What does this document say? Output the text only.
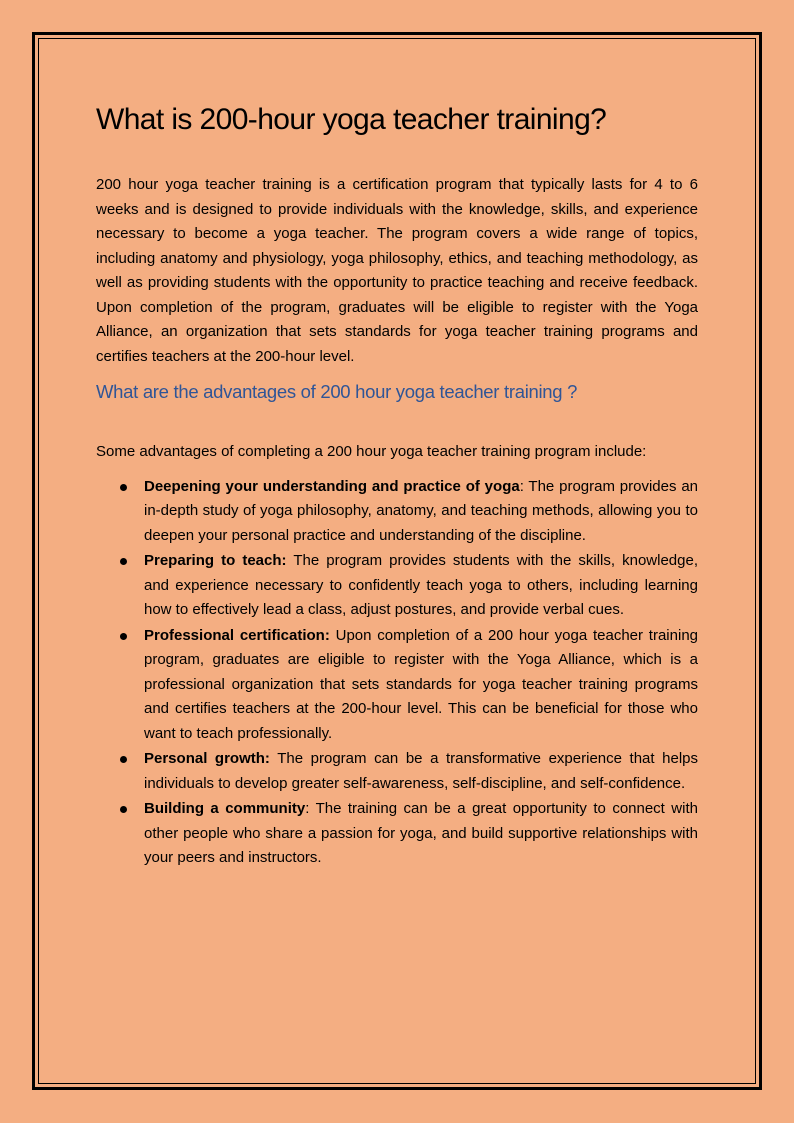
What is 200-hour yoga teacher training?

200 hour yoga teacher training is a certification program that typically lasts for 4 to 6 weeks and is designed to provide individuals with the knowledge, skills, and experience necessary to become a yoga teacher. The program covers a wide range of topics, including anatomy and physiology, yoga philosophy, ethics, and teaching methodology, as well as providing students with the opportunity to practice teaching and receive feedback. Upon completion of the program, graduates will be eligible to register with the Yoga Alliance, an organization that sets standards for yoga teacher training programs and certifies teachers at the 200-hour level.

What are the advantages of 200 hour yoga teacher training ?

Some advantages of completing a 200 hour yoga teacher training program include:

Deepening your understanding and practice of yoga: The program provides an in-depth study of yoga philosophy, anatomy, and teaching methods, allowing you to deepen your personal practice and understanding of the discipline.

Preparing to teach: The program provides students with the skills, knowledge, and experience necessary to confidently teach yoga to others, including learning how to effectively lead a class, adjust postures, and provide verbal cues.

Professional certification: Upon completion of a 200 hour yoga teacher training program, graduates are eligible to register with the Yoga Alliance, which is a professional organization that sets standards for yoga teacher training programs and certifies teachers at the 200-hour level. This can be beneficial for those who want to teach professionally.

Personal growth: The program can be a transformative experience that helps individuals to develop greater self-awareness, self-discipline, and self-confidence.

Building a community: The training can be a great opportunity to connect with other people who share a passion for yoga, and build supportive relationships with your peers and instructors.
